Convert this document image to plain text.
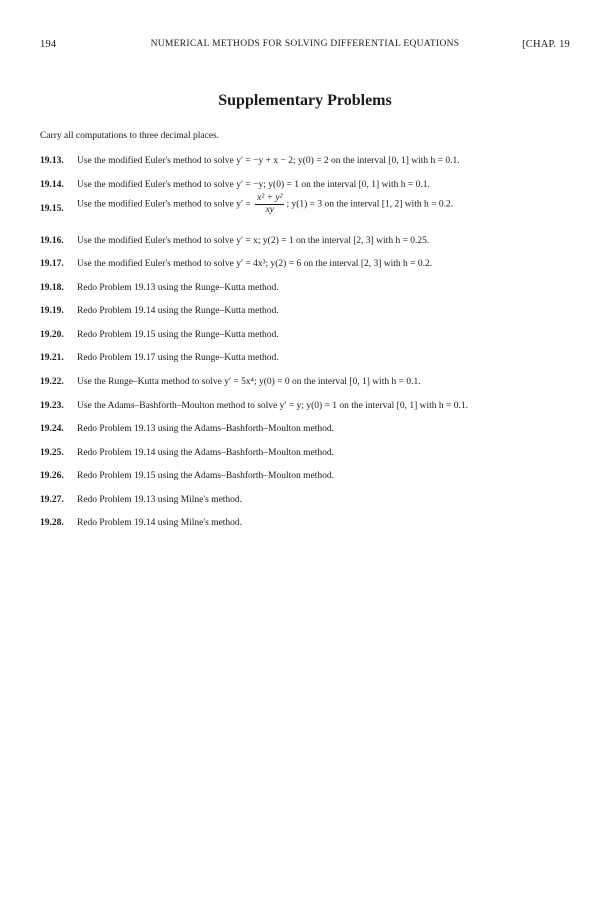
194	NUMERICAL METHODS FOR SOLVING DIFFERENTIAL EQUATIONS	[CHAP. 19
Supplementary Problems
Carry all computations to three decimal places.
19.13. Use the modified Euler's method to solve y′ = −y + x − 2; y(0) = 2 on the interval [0, 1] with h = 0.1.
19.14. Use the modified Euler's method to solve y′ = −y; y(0) = 1 on the interval [0, 1] with h = 0.1.
19.15. Use the modified Euler's method to solve $y' = \frac{\text{x² + y²}}{xy}$ ; y(1) = 3 on the interval [1, 2] with h = 0.2.
19.16. Use the modified Euler's method to solve y′ = x; y(2) = 1 on the interval [2, 3] with h = 0.25.
19.17. Use the modified Euler's method to solve y′ = 4x³; y(2) = 6 on the interval [2, 3] with h = 0.2.
19.18. Redo Problem 19.13 using the Runge–Kutta method.
19.19. Redo Problem 19.14 using the Runge–Kutta method.
19.20. Redo Problem 19.15 using the Runge–Kutta method.
19.21. Redo Problem 19.17 using the Runge–Kutta method.
19.22. Use the Runge–Kutta method to solve y′ = 5x⁴; y(0) = 0 on the interval [0, 1] with h = 0.1.
19.23. Use the Adams–Bashforth–Moulton method to solve y′ = y; y(0) = 1 on the interval [0, 1] with h = 0.1.
19.24. Redo Problem 19.13 using the Adams–Bashforth–Moulton method.
19.25. Redo Problem 19.14 using the Adams–Bashforth–Moulton method.
19.26. Redo Problem 19.15 using the Adams–Bashforth–Moulton method.
19.27. Redo Problem 19.13 using Milne's method.
19.28. Redo Problem 19.14 using Milne's method.
